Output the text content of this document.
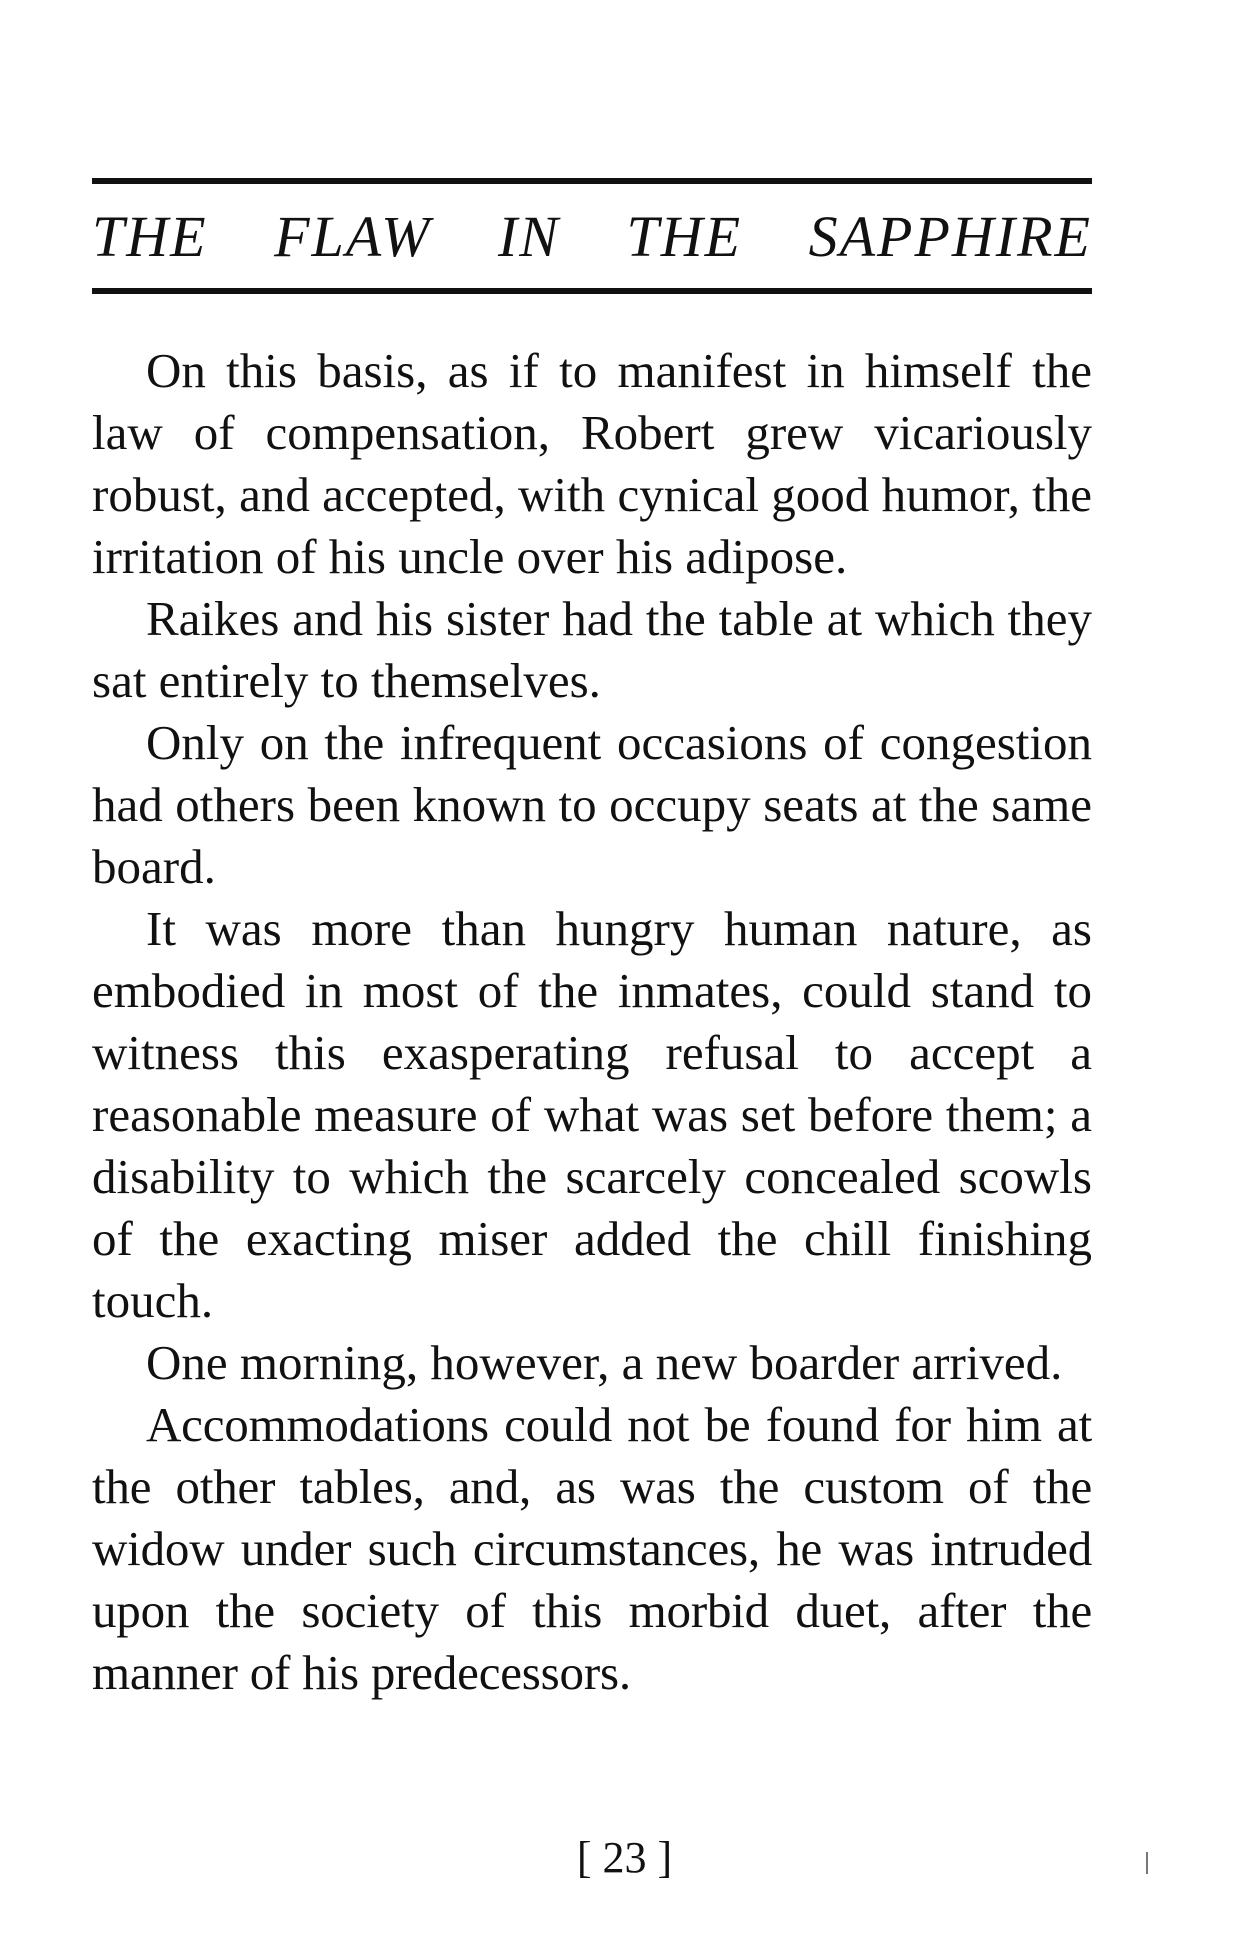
THE FLAW IN THE SAPPHIRE

On this basis, as if to manifest in himself the law of compensation, Robert grew vicariously robust, and accepted, with cynical good humor, the irritation of his uncle over his adipose.

Raikes and his sister had the table at which they sat entirely to themselves.

Only on the infrequent occasions of congestion had others been known to occupy seats at the same board.

It was more than hungry human nature, as embodied in most of the inmates, could stand to witness this exasperating refusal to accept a reasonable measure of what was set before them; a disability to which the scarcely concealed scowls of the exacting miser added the chill finishing touch.

One morning, however, a new boarder arrived.

Accommodations could not be found for him at the other tables, and, as was the custom of the widow under such circumstances, he was intruded upon the society of this morbid duet, after the manner of his predecessors.

[ 23 ]
